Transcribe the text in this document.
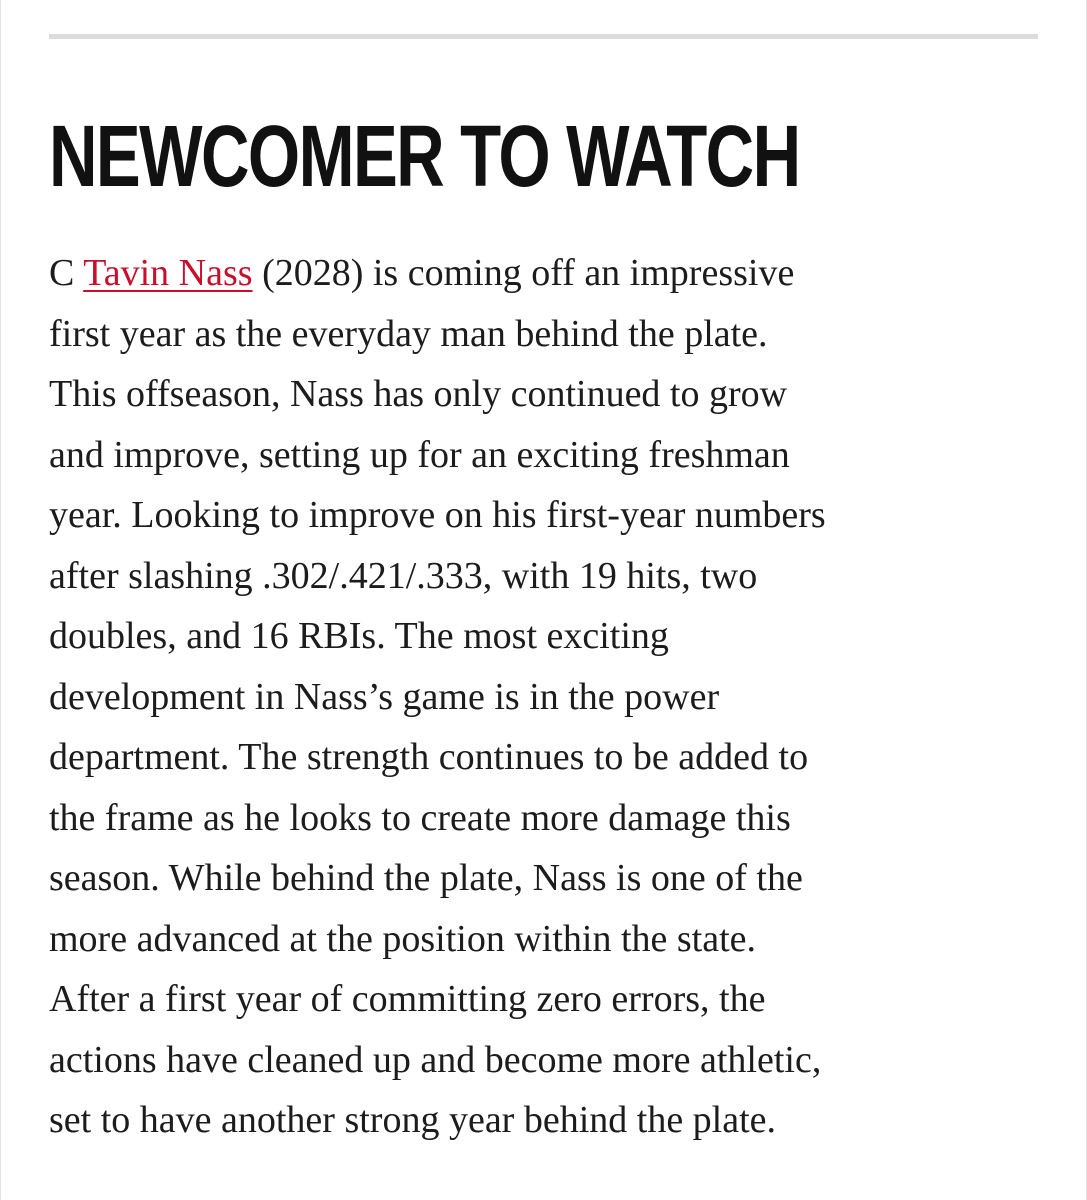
NEWCOMER TO WATCH
C Tavin Nass (2028) is coming off an impressive
first year as the everyday man behind the plate.
This offseason, Nass has only continued to grow
and improve, setting up for an exciting freshman
year. Looking to improve on his first-year numbers
after slashing .302/.421/.333, with 19 hits, two
doubles, and 16 RBIs. The most exciting
development in Nass’s game is in the power
department. The strength continues to be added to
the frame as he looks to create more damage this
season. While behind the plate, Nass is one of the
more advanced at the position within the state.
After a first year of committing zero errors, the
actions have cleaned up and become more athletic,
set to have another strong year behind the plate.
